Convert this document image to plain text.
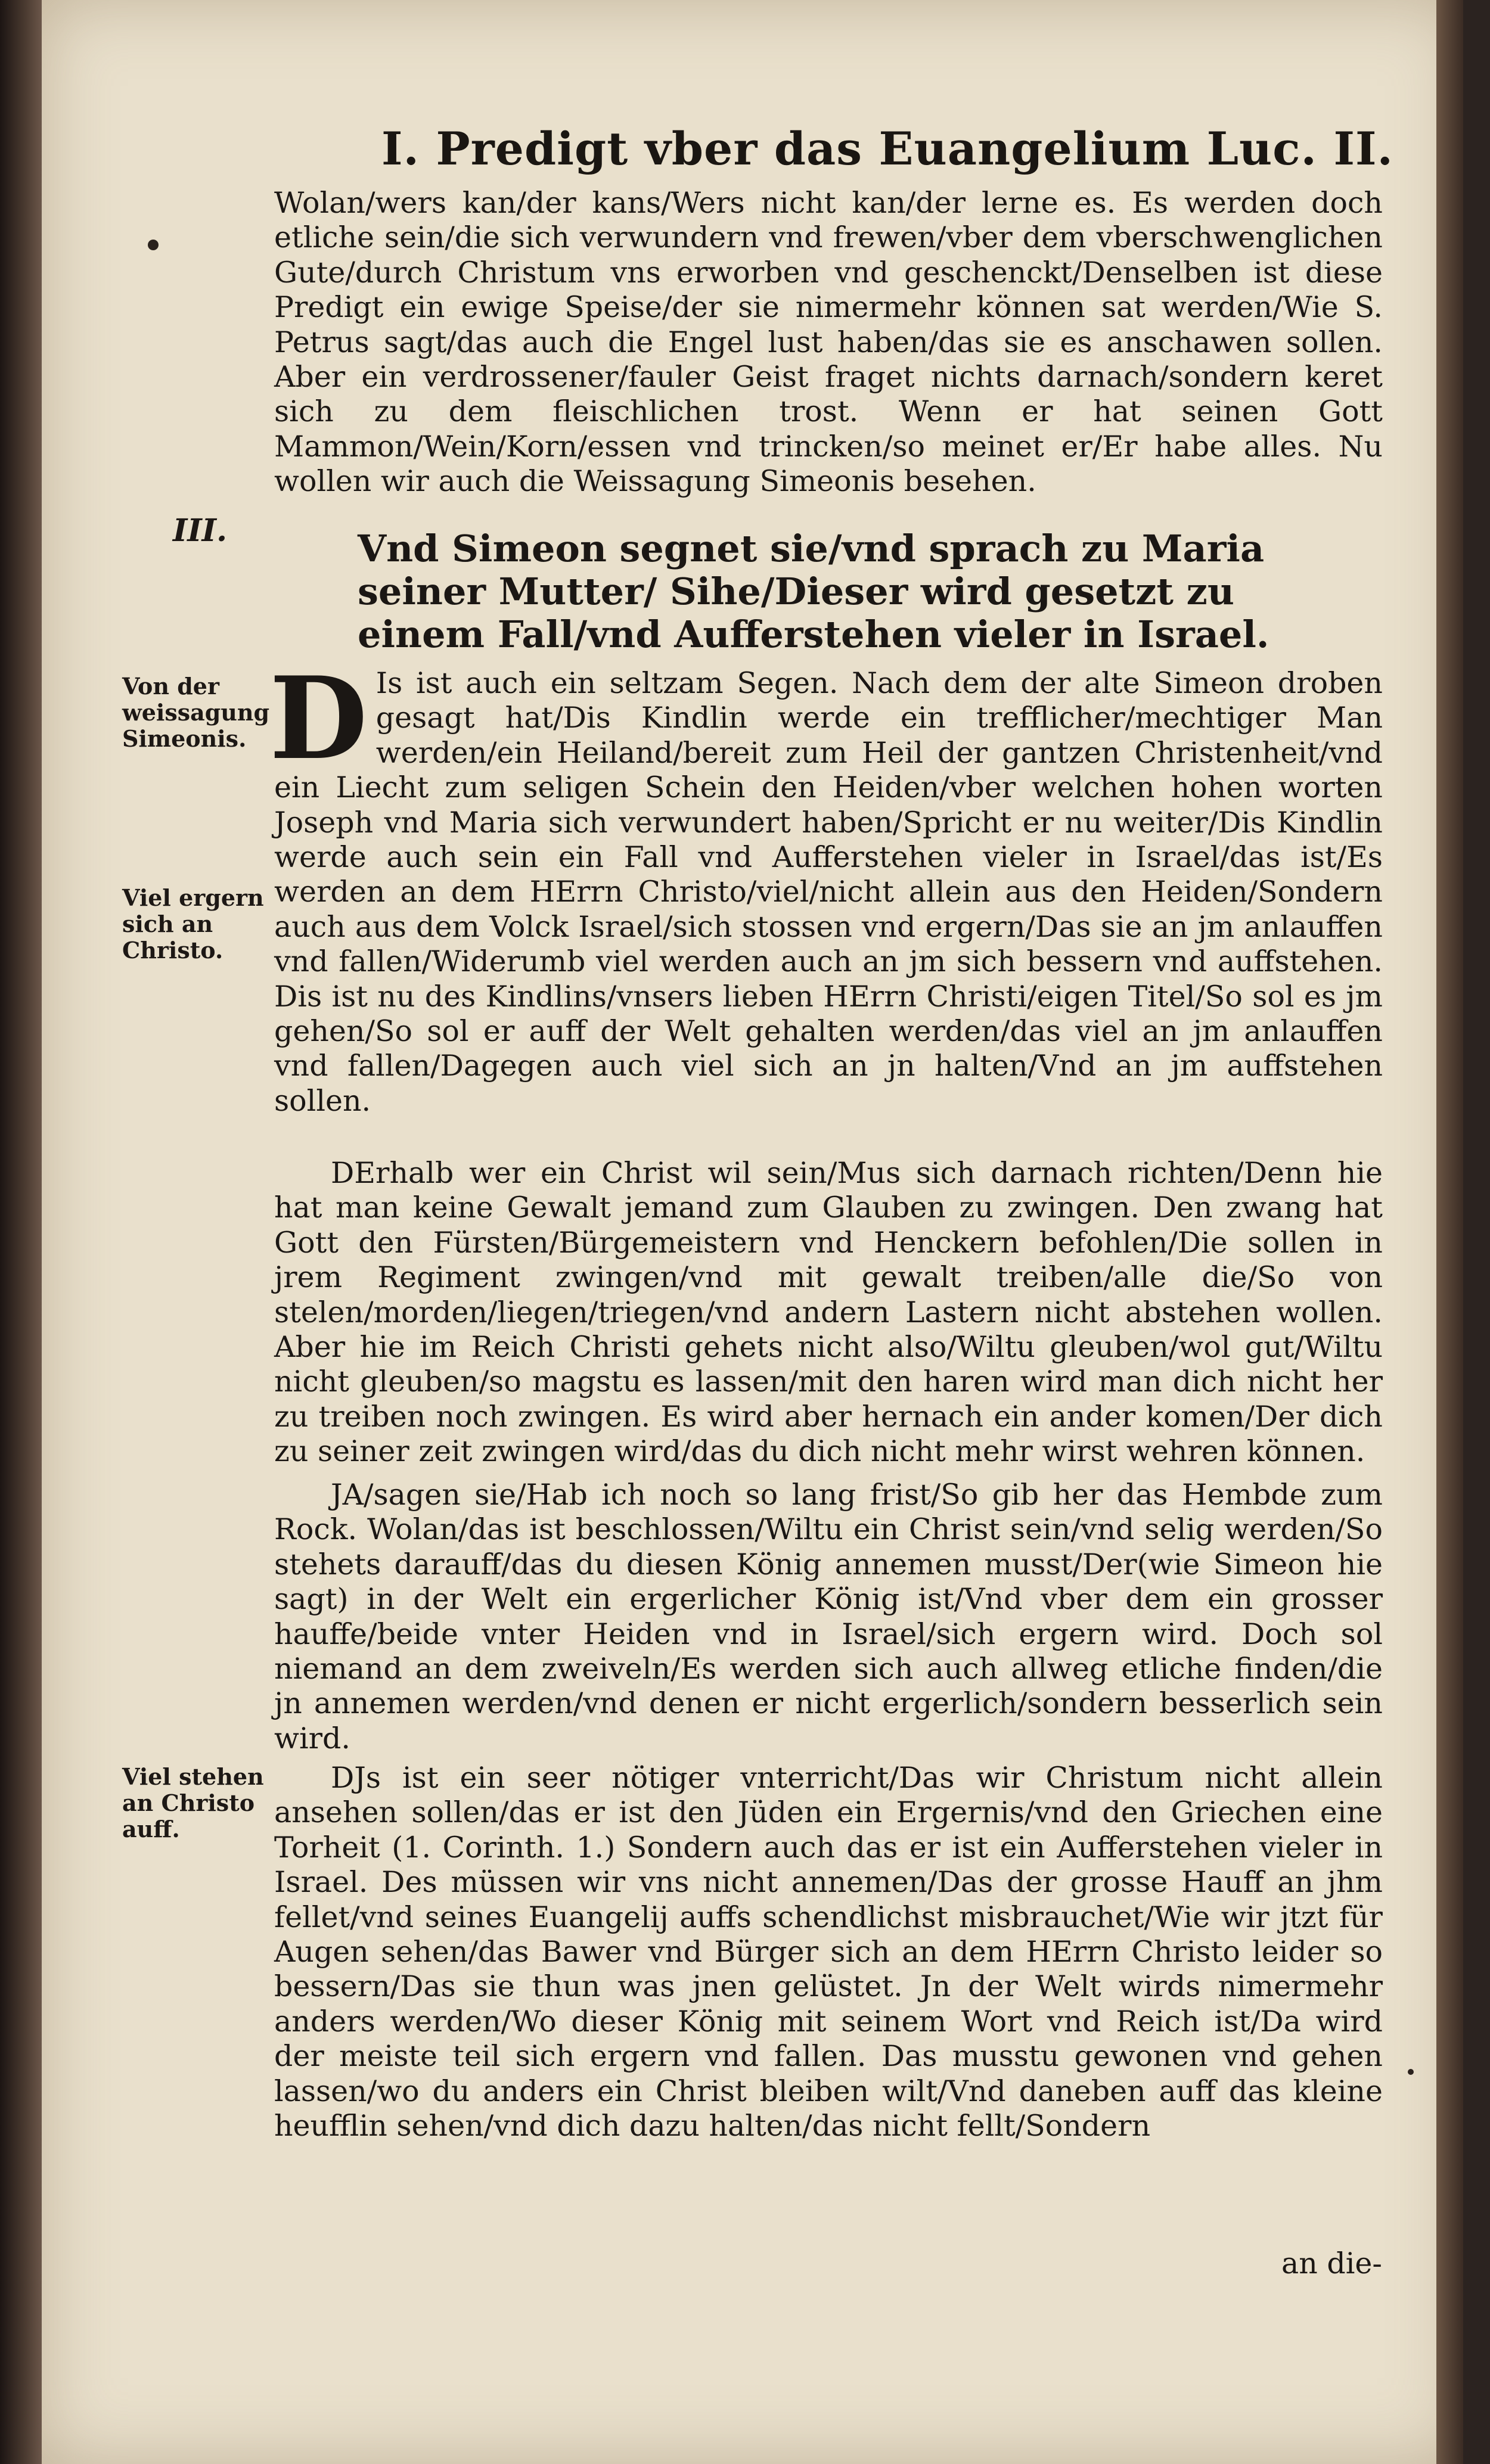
I. Predigt vber das Euangelium Luc. II.

Wolan/wers kan/der kans/Wers nicht kan/der lerne es. Es werden doch etliche sein/die sich verwundern vnd frewen/vber dem vberschwenglichen Gute/durch Christum vns erworben vnd geschenckt/Denselben ist diese Predigt ein ewige Speise/der sie nimermehr können sat werden/Wie S. Petrus sagt/das auch die Engel lust haben/das sie es anschawen sollen. Aber ein verdrossener/fauler Geist fraget nichts darnach/sondern keret sich zu dem fleischlichen trost. Wenn er hat seinen Gott Mammon/Wein/Korn/essen vnd trincken/so meinet er/Er habe alles. Nu wollen wir auch die Weissagung Simeonis besehen.

III.	Vnd Simeon segnet sie/vnd sprach zu Maria seiner Mutter/ Sihe/Dieser wird gesetzt zu einem Fall/vnd Aufferstehen vieler in Israel.
Von der weissagung Simeonis.
Viel ergern sich an Christo.
Viel stehen an Christo auff.

D Is ist auch ein seltzam Segen. Nach dem der alte Simeon droben gesagt hat/Dis Kindlin werde ein trefflicher/mechtiger Man werden/ein Heiland/bereit zum Heil der gantzen Christenheit/vnd ein Liecht zum seligen Schein den Heiden/vber welchen hohen worten Joseph vnd Maria sich verwundert haben/Spricht er nu weiter/Dis Kindlin werde auch sein ein Fall vnd Aufferstehen vieler in Israel/das ist/Es werden an dem HErrn Christo/viel/nicht allein aus den Heiden/Sondern auch aus dem Volck Israel/sich stossen vnd ergern/Das sie an jm anlauffen vnd fallen/Widerumb viel werden auch an jm sich bessern vnd auffstehen. Dis ist nu des Kindlins/vnsers lieben HErrn Christi/eigen Titel/So sol es jm gehen/So sol er auff der Welt gehalten werden/das viel an jm anlauffen vnd fallen/Dagegen auch viel sich an jn halten/Vnd an jm auffstehen sollen.

DErhalb wer ein Christ wil sein/Mus sich darnach richten/Denn hie hat man keine Gewalt jemand zum Glauben zu zwingen. Den zwang hat Gott den Fürsten/Bürgemeistern vnd Henckern befohlen/Die sollen in jrem Regiment zwingen/vnd mit gewalt treiben/alle die/So von stelen/morden/liegen/triegen/vnd andern Lastern nicht abstehen wollen. Aber hie im Reich Christi gehets nicht also/Wiltu gleuben/wol gut/Wiltu nicht gleuben/so magstu es lassen/mit den haren wird man dich nicht her zu treiben noch zwingen. Es wird aber hernach ein ander komen/Der dich zu seiner zeit zwingen wird/das du dich nicht mehr wirst wehren können.

JA/sagen sie/Hab ich noch so lang frist/So gib her das Hembde zum Rock. Wolan/das ist beschlossen/Wiltu ein Christ sein/vnd selig werden/So stehets darauff/das du diesen König annemen musst/Der(wie Simeon hie sagt) in der Welt ein ergerlicher König ist/Vnd vber dem ein grosser hauffe/beide vnter Heiden vnd in Israel/sich ergern wird. Doch sol niemand an dem zweiveln/Es werden sich auch allweg etliche finden/die jn annemen werden/vnd denen er nicht ergerlich/sondern besserlich sein wird.

DJs ist ein seer nötiger vnterricht/Das wir Christum nicht allein ansehen sollen/das er ist den Jüden ein Ergernis/vnd den Griechen eine Torheit (1. Corinth. 1.) Sondern auch das er ist ein Aufferstehen vieler in Israel. Des müssen wir vns nicht annemen/Das der grosse Hauff an jhm fellet/vnd seines Euangelij auffs schendlichst misbrauchet/Wie wir jtzt für Augen sehen/das Bawer vnd Bürger sich an dem HErrn Christo leider so bessern/Das sie thun was jnen gelüstet. Jn der Welt wirds nimermehr anders werden/Wo dieser König mit seinem Wort vnd Reich ist/Da wird der meiste teil sich ergern vnd fallen. Das musstu gewonen vnd gehen lassen/wo du anders ein Christ bleiben wilt/Vnd daneben auff das kleine heufflin sehen/vnd dich dazu halten/das nicht fellt/Sondern

an die-
